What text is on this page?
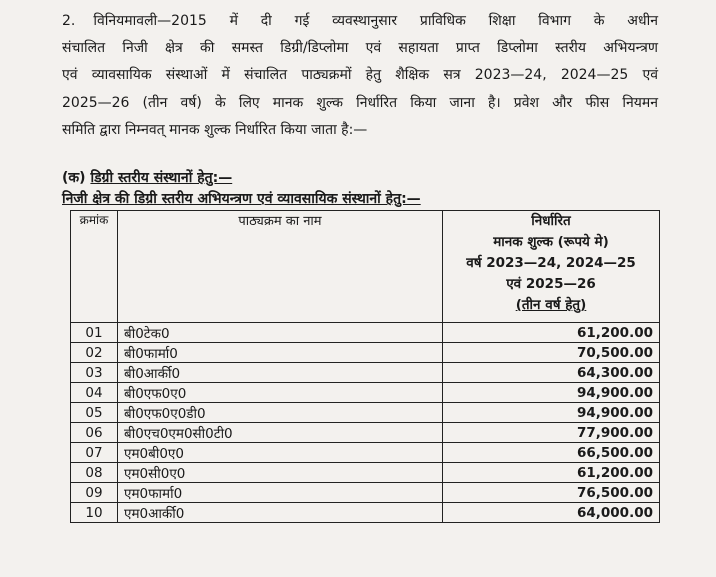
2. विनियमावली—2015 में दी गई व्यवस्थानुसार प्राविधिक शिक्षा विभाग के अधीन
संचालित निजी क्षेत्र की समस्त डिग्री/डिप्लोमा एवं सहायता प्राप्त डिप्लोमा स्तरीय अभियन्त्रण
एवं व्यावसायिक संस्थाओं में संचालित पाठ्यक्रमों हेतु शैक्षिक सत्र 2023—24, 2024—25 एवं
2025—26 (तीन वर्ष) के लिए मानक शुल्क निर्धारित किया जाना है। प्रवेश और फीस नियमन
समिति द्वारा निम्नवत् मानक शुल्क निर्धारित किया जाता है:—
(क) डिग्री स्तरीय संस्थानों हेतु:—
निजी क्षेत्र की डिग्री स्तरीय अभियन्त्रण एवं व्यावसायिक संस्थानों हेतु:—
क्रमांक	पाठ्यक्रम का नाम	निर्धारित
मानक शुल्क (रूपये मे)
वर्ष 2023—24, 2024—25
एवं 2025—26
(तीन वर्ष हेतु)

01	बी0टेक0	61,200.00
02	बी0फार्मा0	70,500.00
03	बी0आर्की0	64,300.00
04	बी0एफ0ए0	94,900.00
05	बी0एफ0ए0डी0	94,900.00
06	बी0एच0एम0सी0टी0	77,900.00
07	एम0बी0ए0	66,500.00
08	एम0सी0ए0	61,200.00
09	एम0फार्मा0	76,500.00
10	एम0आर्की0	64,000.00
